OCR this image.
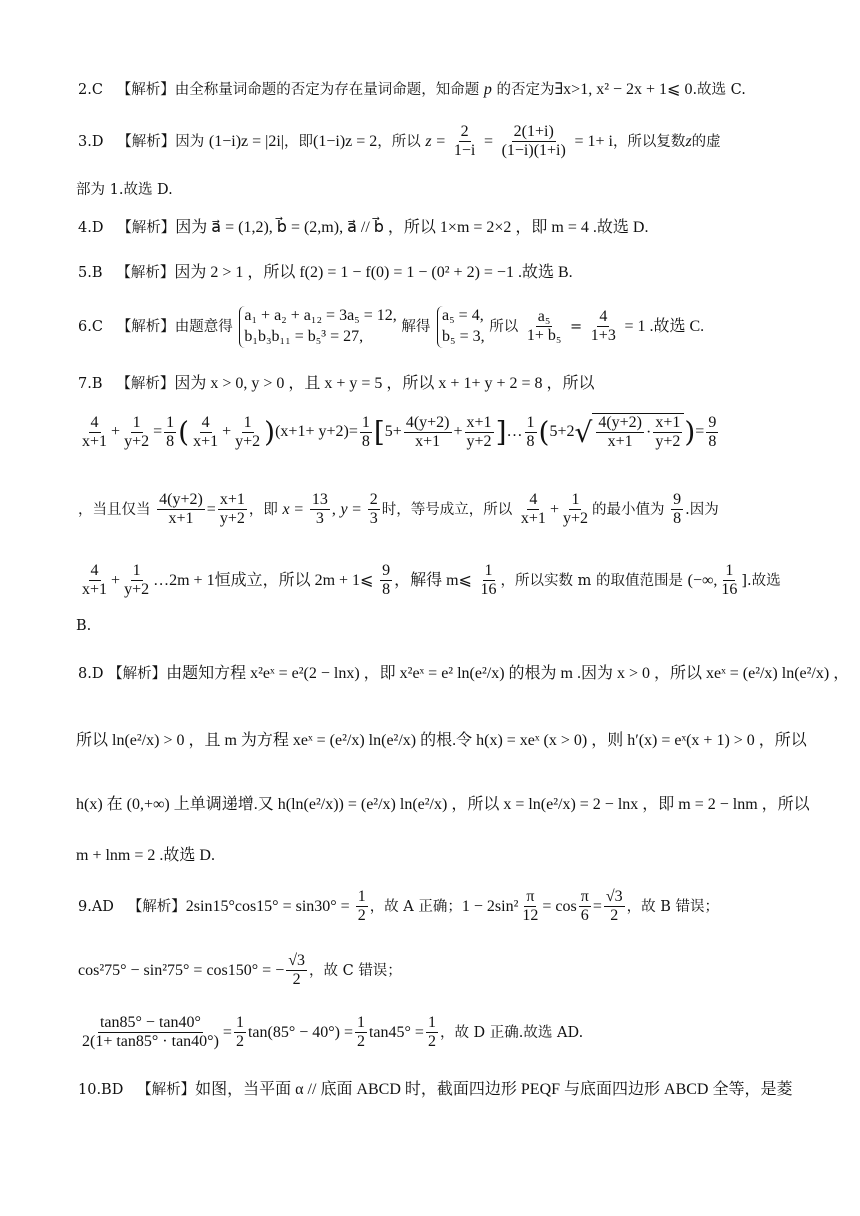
2.C 【解析】由全称量词命题的否定为存在量词命题，知命题 p 的否定为∃x>1, x² − 2x + 1⩽ 0.故选 C.
3.D 【解析】因为 (1−i)z = |2i|，即(1−i)z = 2，所以 $z = \frac{2}{1-i} = \frac{2(1+i)}{(1-i)(1+i)} = 1+ i$，所以复数z的虚
部为 1.故选 D.
4.D 【解析】因为 a⃗ = (1,2), b⃗ = (2,m), a⃗ // b⃗ ，所以 1×m = 2×2 ，即 m = 4 .故选 D.
5.B 【解析】因为 2 > 1 ，所以 f(2) = 1 − f(0) = 1 − (0² + 2) = −1 .故选 B.
6.C 【解析】由题意得
a₁ + a₂ + a₁₂ = 3a₅ = 12,
b₁b₃b₁₁ = b₅³ = 27,
解得
a₅ = 4,
b₅ = 3,
所以 $\frac{\text{a₅}}{\text{1+ b₅}} = \frac{4}{1+3} = 1$ .故选 C.
7.B 【解析】因为 x > 0, y > 0 ，且 x + y = 5 ，所以 x + 1+ y + 2 = 8 ，所以
$\frac{4}{x+1} + \frac{1}{y+2} = \frac{1}{8}$ ( $\frac{4}{x+1} + \frac{1}{y+2} )(x+1+ y+2)= \frac{1}{8} [5+ \frac{4(y+2)}{x+1} + \frac{x+1}{y+2}$ ]… $\frac{1}{8} (5+2$ √ $\frac{4(y+2)}{x+1} \cdot \frac{x+1}{y+2}$ )= $\frac{9}{8}$
，当且仅当 $\frac{4(y+2)}{x+1} = \frac{x+1}{y+2}$ ，即 $x = \frac{13}{3}$ , $y = \frac{2}{3}$ 时，等号成立，所以 $\frac{4}{x+1} + \frac{1}{y+2}$ 的最小值为 $\frac{9}{8}$ .因为
$\frac{4}{x+1} + \frac{1}{y+2}$ …2m + 1恒成立，所以 2m + 1⩽ $\frac{9}{8}$ ，解得 m⩽ $\frac{1}{16}$ ，所以实数 m 的取值范围是 (−∞, $\frac{1}{16}$ ].故选
B.
8.D 【解析】由题知方程 x²eˣ = e²(2 − lnx) ，即 x²eˣ = e² ln(e²/x) 的根为 m .因为 x > 0 ，所以 xeˣ = (e²/x) ln(e²/x) ，
所以 ln(e²/x) > 0 ，且 m 为方程 xeˣ = (e²/x) ln(e²/x) 的根.令 h(x) = xeˣ (x > 0) ，则 h′(x) = eˣ(x + 1) > 0 ，所以
h(x) 在 (0,+∞) 上单调递增.又 h(ln(e²/x)) = (e²/x) ln(e²/x) ，所以 x = ln(e²/x) = 2 − lnx ，即 m = 2 − lnm ，所以
m + lnm = 2 .故选 D.
9.AD 【解析】$2\sin 15^\circ\cos 15^\circ = \sin 30^\circ = \frac{1}{2}$ ，故 A 正确；$1 - 2\sin^2 \frac{\pi}{12} = \cos \frac{\pi}{6} = \frac{√3}{2}$ ，故 B 错误；
cos²75° − sin²75° = cos150° = − $\frac{√3}{2}$ ，故 C 错误；
$\frac{\tan 85^\circ - \tan 40^\circ}{2(1+ \tan 85^\circ \cdot \tan 40^\circ)} = \frac{1}{2} \tan(85^\circ - 40^\circ) = \frac{1}{2} \tan 45^\circ = \frac{1}{2}$ ，故 D 正确.故选 AD.
10.BD 【解析】如图，当平面 α // 底面 ABCD 时，截面四边形 PEQF 与底面四边形 ABCD 全等，是菱
